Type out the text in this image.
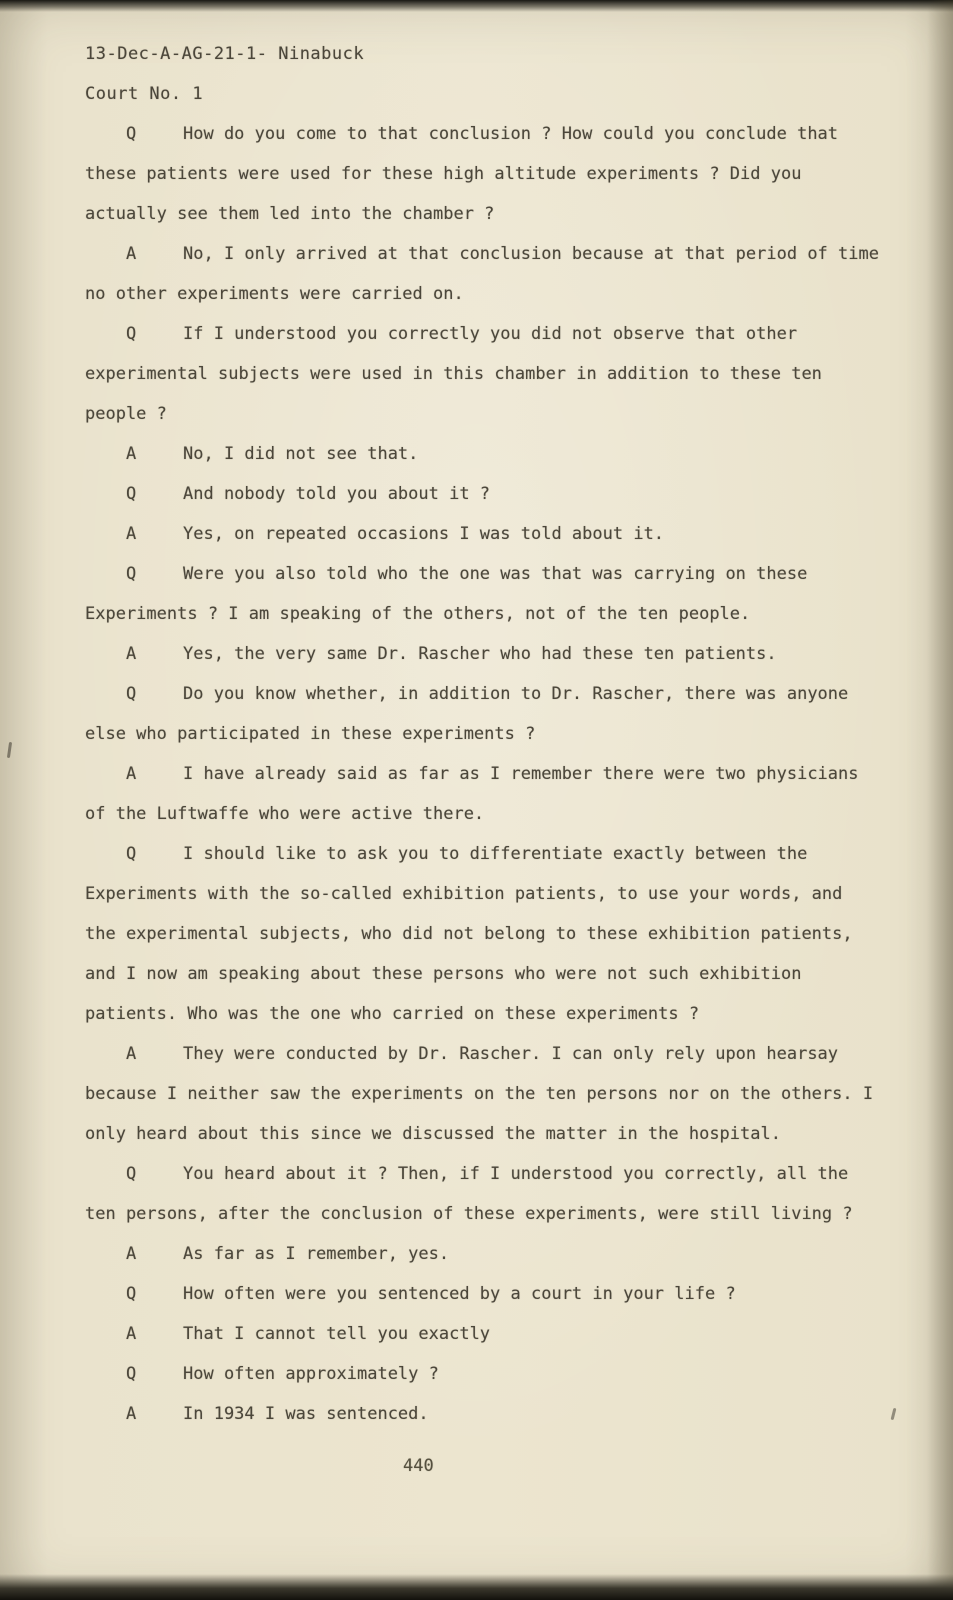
13-Dec-A-AG-21-1- Ninabuck

Court No. 1

Q	How do you come to that conclusion ? How could you conclude that these patients were used for these high altitude experiments ? Did you actually see them led into the chamber ?

A	No, I only arrived at that conclusion because at that period of time no other experiments were carried on.

Q	If I understood you correctly you did not observe that other experimental subjects were used in this chamber in addition to these ten people ?

A	No, I did not see that.

Q	And nobody told you about it ?

A	Yes, on repeated occasions I was told about it.

Q	Were you also told who the one was that was carrying on these Experiments ? I am speaking of the others, not of the ten people.

A	Yes, the very same Dr. Rascher who had these ten patients.

Q	Do you know whether, in addition to Dr. Rascher, there was anyone else who participated in these experiments ?

A	I have already said as far as I remember there were two physicians of the Luftwaffe who were active there.

Q	I should like to ask you to differentiate exactly between the Experiments with the so-called exhibition patients, to use your words, and the experimental subjects, who did not belong to these exhibition patients, and I now am speaking about these persons who were not such exhibition patients. Who was the one who carried on these experiments ?

A	They were conducted by Dr. Rascher. I can only rely upon hearsay because I neither saw the experiments on the ten persons nor on the others. I only heard about this since we discussed the matter in the hospital.

Q	You heard about it ? Then, if I understood you correctly, all the ten persons, after the conclusion of these experiments, were still living ?

A	As far as I remember, yes.

Q	How often were you sentenced by a court in your life ?

A	That I cannot tell you exactly

Q	How often approximately ?

A	In 1934 I was sentenced.

440
